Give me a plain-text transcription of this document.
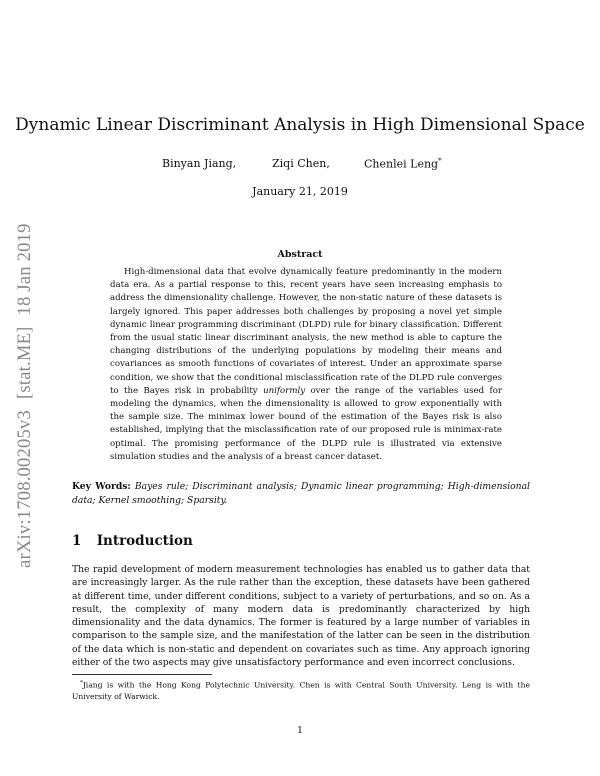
arXiv:1708.00205v3[stat.ME]18 Jan 2019
Dynamic Linear Discriminant Analysis in High Dimensional Space
Binyan Jiang,	Ziqi Chen,	Chenlei Leng*
January 21, 2019
Abstract

High-dimensional data that evolve dynamically feature predominantly in the modern data era. As a partial response to this, recent years have seen increasing emphasis to address the dimensionality challenge. However, the non-static nature of these datasets is largely ignored. This paper addresses both challenges by proposing a novel yet simple dynamic linear programming discriminant (DLPD) rule for binary classification. Different from the usual static linear discriminant analysis, the new method is able to capture the changing distributions of the underlying populations by modeling their means and covariances as smooth functions of covariates of interest. Under an approximate sparse condition, we show that the conditional misclassification rate of the DLPD rule converges to the Bayes risk in probability uniformly over the range of the variables used for modeling the dynamics, when the dimensionality is allowed to grow exponentially with the sample size. The minimax lower bound of the estimation of the Bayes risk is also established, implying that the misclassification rate of our proposed rule is minimax-rate optimal. The promising performance of the DLPD rule is illustrated via extensive simulation studies and the analysis of a breast cancer dataset.

Key Words: Bayes rule; Discriminant analysis; Dynamic linear programming; High-dimensional data; Kernel smoothing; Sparsity.

1 Introduction

The rapid development of modern measurement technologies has enabled us to gather data that are increasingly larger. As the rule rather than the exception, these datasets have been gathered at different time, under different conditions, subject to a variety of perturbations, and so on. As a result, the complexity of many modern data is predominantly characterized by high dimensionality and the data dynamics. The former is featured by a large number of variables in comparison to the sample size, and the manifestation of the latter can be seen in the distribution of the data which is non-static and dependent on covariates such as time. Any approach ignoring either of the two aspects may give unsatisfactory performance and even incorrect conclusions.

*Jiang is with the Hong Kong Polytechnic University. Chen is with Central South University. Leng is with the University of Warwick.

1
